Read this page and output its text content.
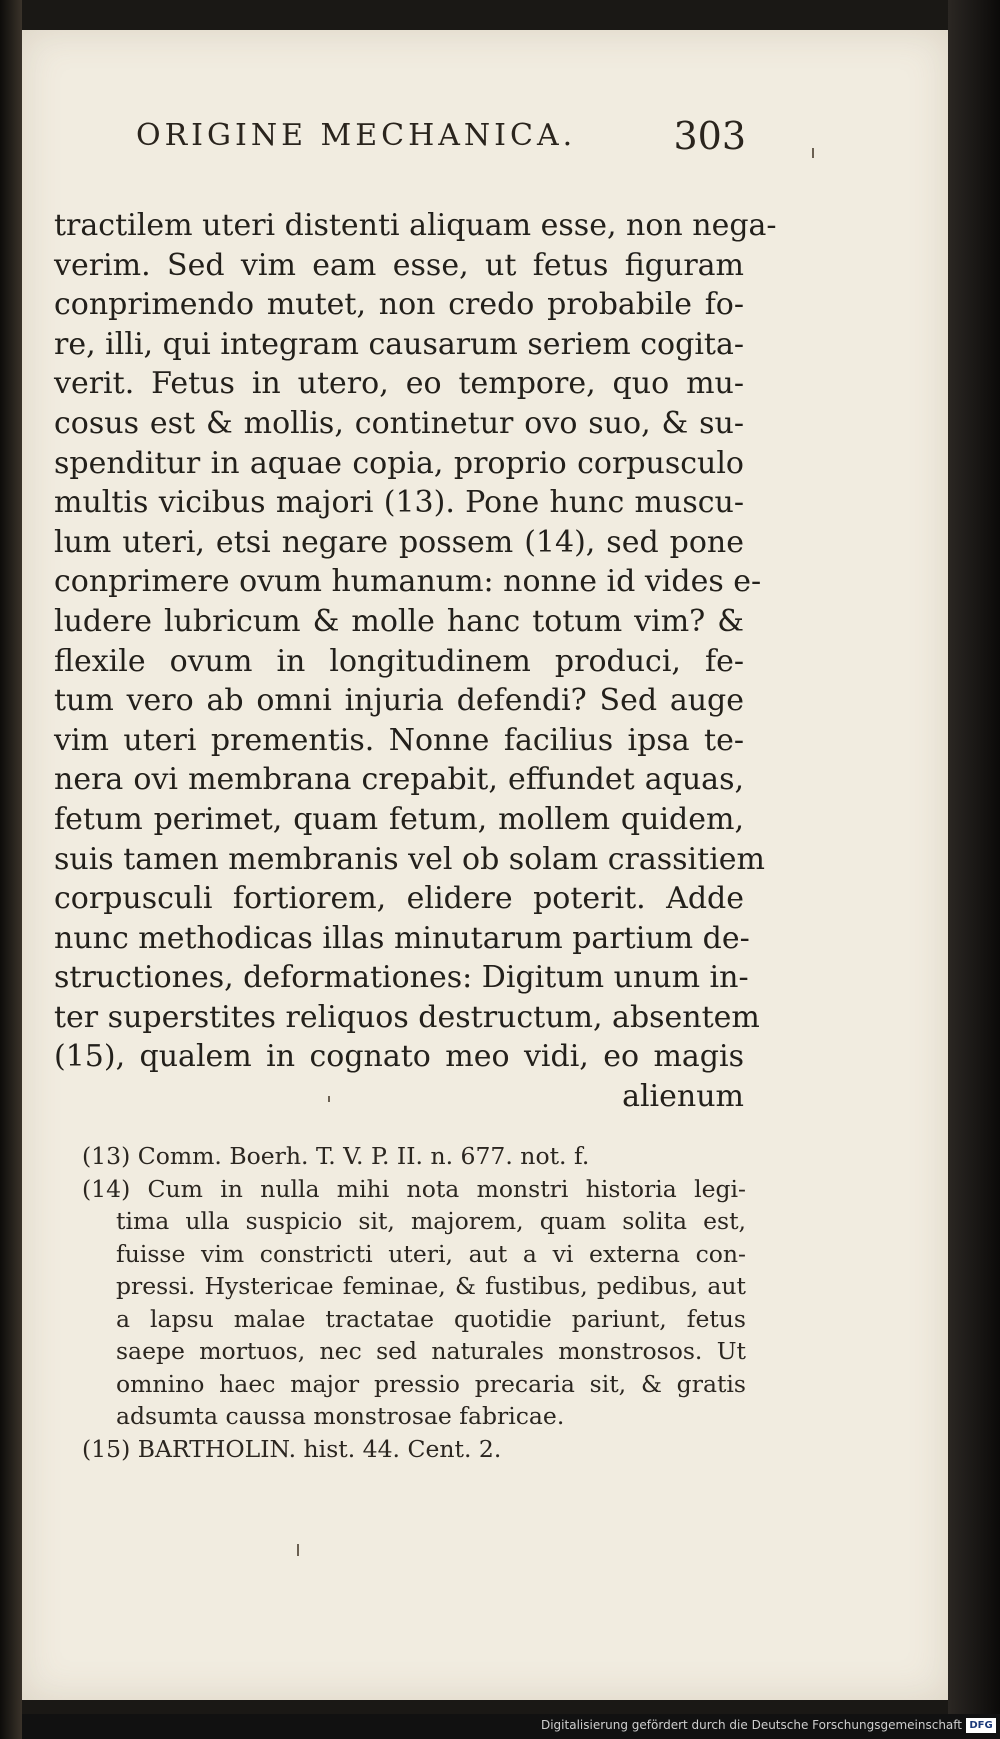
ORIGINE MECHANICA.	303
tractilem uteri distenti aliquam esse, non nega-
verim. Sed vim eam esse, ut fetus figuram
conprimendo mutet, non credo probabile fo-
re, illi, qui integram causarum seriem cogita-
verit. Fetus in utero, eo tempore, quo mu-
cosus est & mollis, continetur ovo suo, & su-
spenditur in aquae copia, proprio corpusculo
multis vicibus majori (13). Pone hunc muscu-
lum uteri, etsi negare possem (14), sed pone
conprimere ovum humanum: nonne id vides e-
ludere lubricum & molle hanc totum vim? &
flexile ovum in longitudinem produci, fe-
tum vero ab omni injuria defendi? Sed auge
vim uteri prementis. Nonne facilius ipsa te-
nera ovi membrana crepabit, effundet aquas,
fetum perimet, quam fetum, mollem quidem,
suis tamen membranis vel ob solam crassitiem
corpusculi fortiorem, elidere poterit. Adde
nunc methodicas illas minutarum partium de-
structiones, deformationes: Digitum unum in-
ter superstites reliquos destructum, absentem
(15), qualem in cognato meo vidi, eo magis
alienum
(13) Comm. Boerh. T. V. P. II. n. 677. not. f.
(14) Cum in nulla mihi nota monstri historia legi-
tima ulla suspicio sit, majorem, quam solita est,
fuisse vim constricti uteri, aut a vi externa con-
pressi. Hystericae feminae, & fustibus, pedibus, aut
a lapsu malae tractatae quotidie pariunt, fetus
saepe mortuos, nec sed naturales monstrosos. Ut
omnino haec major pressio precaria sit, & gratis
adsumta caussa monstrosae fabricae.
(15) BARTHOLIN. hist. 44. Cent. 2.
Digitalisierung gefördert durch die Deutsche Forschungsgemeinschaft DFG
